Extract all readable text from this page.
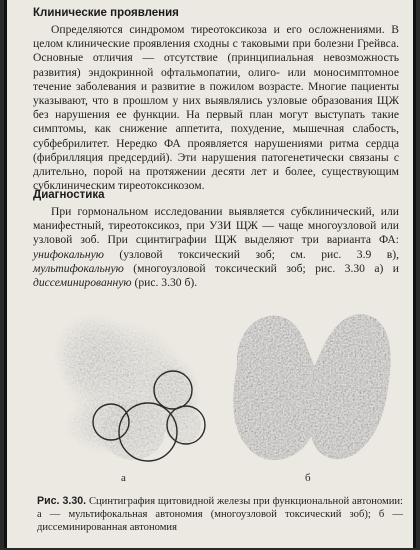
Клинические проявления

Определяются синдромом тиреотоксикоза и его осложнениями. В целом клинические проявления сходны с таковыми при болезни Грейвса. Основные отличия — отсутствие (принципиальная невозможность развития) эндокринной офтальмопатии, олиго- или моносимптомное течение заболевания и развитие в пожилом возрасте. Многие пациенты указывают, что в прошлом у них выявлялись узловые образования ЩЖ без нарушения ее функции. На первый план могут выступать такие симптомы, как снижение аппетита, похудение, мышечная слабость, субфебрилитет. Нередко ФА проявляется нарушениями ритма сердца (фибрилляция предсердий). Эти нарушения патогенетически связаны с длительно, порой на протяжении десяти лет и более, существующим субклиническим тиреотоксикозом.

Диагностика

При гормональном исследовании выявляется субклинический, или манифестный, тиреотоксикоз, при УЗИ ЩЖ — чаще многоузловой или узловой зоб. При сцинтиграфии ЩЖ выделяют три варианта ФА: унифокальную (узловой токсический зоб; см. рис. 3.9 в), мультифокальную (многоузловой токсический зоб; рис. 3.30 а) и диссеминированную (рис. 3.30 б).

а	б
Рис. 3.30. Сцинтиграфия щитовидной железы при функциональной автономии: а — мультифокальная автономия (многоузловой токсический зоб); б — диссеминированная автономия
